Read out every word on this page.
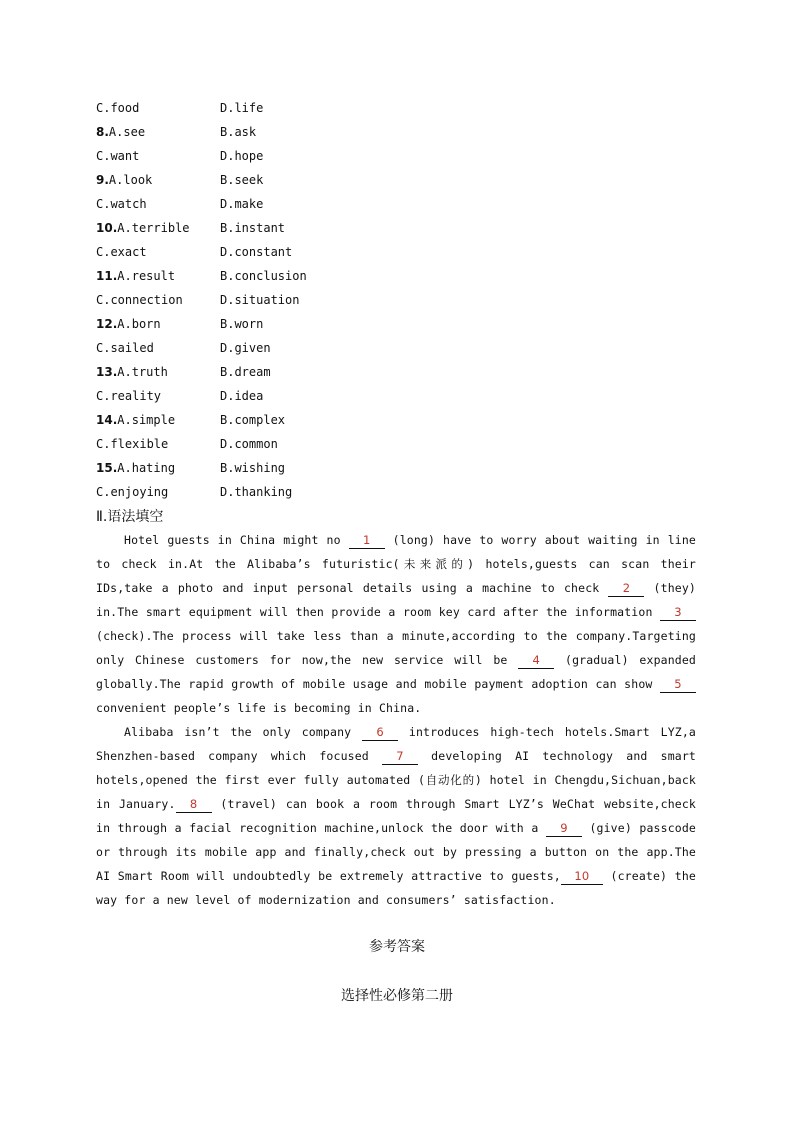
C.food	D.life
8.A.see	B.ask
C.want	D.hope
9.A.look	B.seek
C.watch	D.make
10.A.terrible	B.instant
C.exact	D.constant
11.A.result	B.conclusion
C.connection	D.situation
12.A.born	B.worn
C.sailed	D.given
13.A.truth	B.dream
C.reality	D.idea
14.A.simple	B.complex
C.flexible	D.common
15.A.hating	B.wishing
C.enjoying	D.thanking
Ⅱ.语法填空
Hotel guests in China might no 1 (long) have to worry about waiting in line to check in.At the Alibaba’s futuristic(未来派的) hotels,guests can scan their IDs,take a photo and input personal details using a machine to check 2 (they) in.The smart equipment will then provide a room key card after the information 3 (check).The process will take less than a minute,according to the company.Targeting only Chinese customers for now,the new service will be 4 (gradual) expanded globally.The rapid growth of mobile usage and mobile payment adoption can show 5 convenient people’s life is becoming in China.
Alibaba isn’t the only company 6 introduces high-tech hotels.Smart LYZ,a Shenzhen-based company which focused 7 developing AI technology and smart hotels,opened the first ever fully automated (自动化的) hotel in Chengdu,Sichuan,back in January. 8 (travel) can book a room through Smart LYZ’s WeChat website,check in through a facial recognition machine,unlock the door with a 9 (give) passcode or through its mobile app and finally,check out by pressing a button on the app.The AI Smart Room will undoubtedly be extremely attractive to guests, 10 (create) the way for a new level of modernization and consumers’ satisfaction.
参考答案
选择性必修第二册
